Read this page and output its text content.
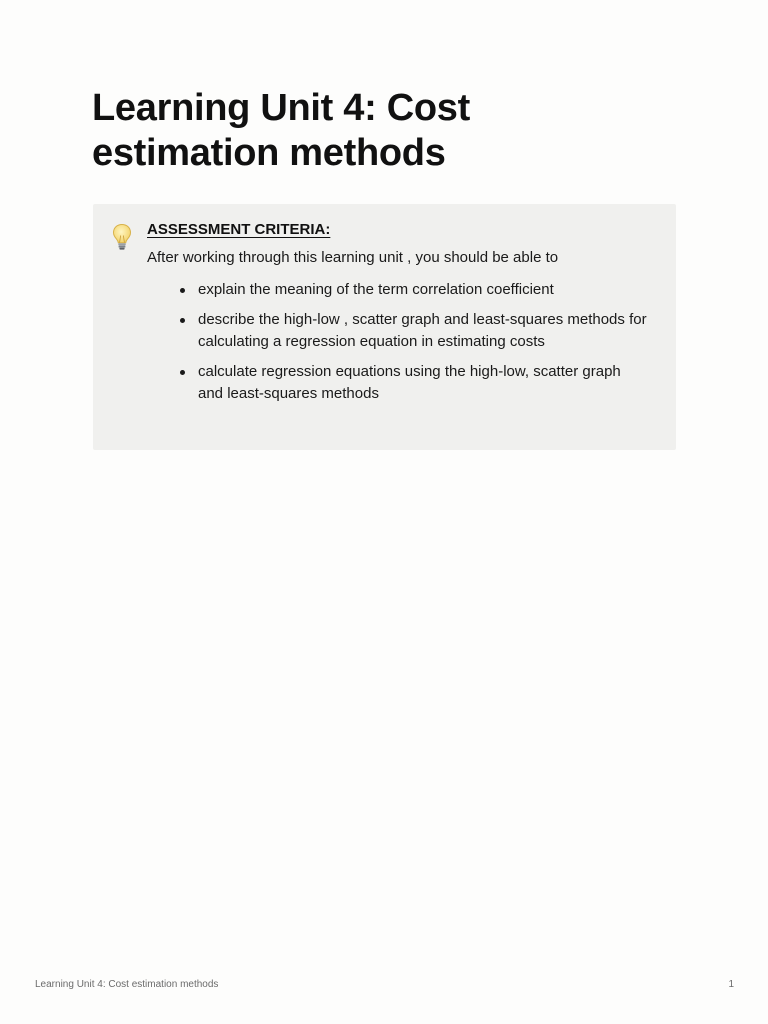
Learning Unit 4: Cost estimation methods

ASSESSMENT CRITERIA:

After working through this learning unit , you should be able to

explain the meaning of the term correlation coefficient
describe the high-low , scatter graph and least-squares methods for calculating a regression equation in estimating costs
calculate regression equations using the high-low, scatter graph and least-squares methods
Learning Unit 4: Cost estimation methods	1
